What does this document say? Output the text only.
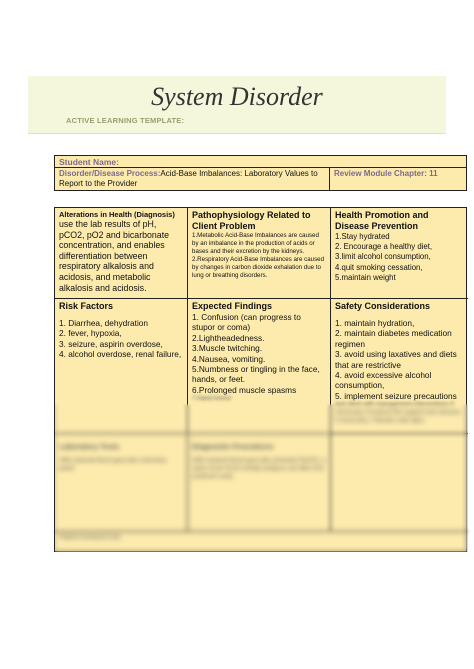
System Disorder
ACTIVE LEARNING TEMPLATE:
Student Name:
Disorder/Disease Process:Acid-Base Imbalances: Laboratory Values to Report to the Provider
Review Module Chapter: 11
Alterations in Health (Diagnosis)
use the lab results of pH, pCO2, pO2 and bicarbonate concentration, and enables differentiation between respiratory alkalosis and acidosis, and metabolic alkalosis and acidosis.
Pathophysiology Related to Client Problem
1.Metabolic Acid-Base Imbalances are caused by an imbalance in the production of acids or bases and their excretion by the kidneys.
2.Respiratory Acid-Base Imbalances are caused by changes in carbon dioxide exhalation due to lung or breathing disorders.
Health Promotion and Disease Prevention
1.Stay hydrated
2. Encourage a healthy diet,
3.limit alcohol consumption,
4.quit smoking cessation,
5.maintain weight
Risk Factors
1. Diarrhea, dehydration
2. fever, hypoxia,
3. seizure, aspirin overdose,
4. alcohol overdose, renal failure,
Expected Findings
1. Confusion (can progress to stupor or coma)
2.Lightheadedness.
3.Muscle twitching.
4.Nausea, vomiting.
5.Numbness or tingling in the face, hands, or feet.
6.Prolonged muscle spasms
7.Hand tremor
Safety Considerations
1. maintain hydration,
2. maintain diabetes medication regimen
3. avoid using laxatives and diets that are restrictive
4. avoid excessive alcohol consumption,
5. implement seizure precautions
and client with management interventions if necessary, 6.instruct the support and seizures if necessary 7.Monitor vital signs
Laboratory Tests
ABG (arterial blood gas) labs chemistry panel
Diagnostic Procedures
ABG (arterial blood gas) labs primarily PaCO2, a value of pH Hco3 overlap analysis use little CO2 (carbonic acid)
Patient-Centered Care
